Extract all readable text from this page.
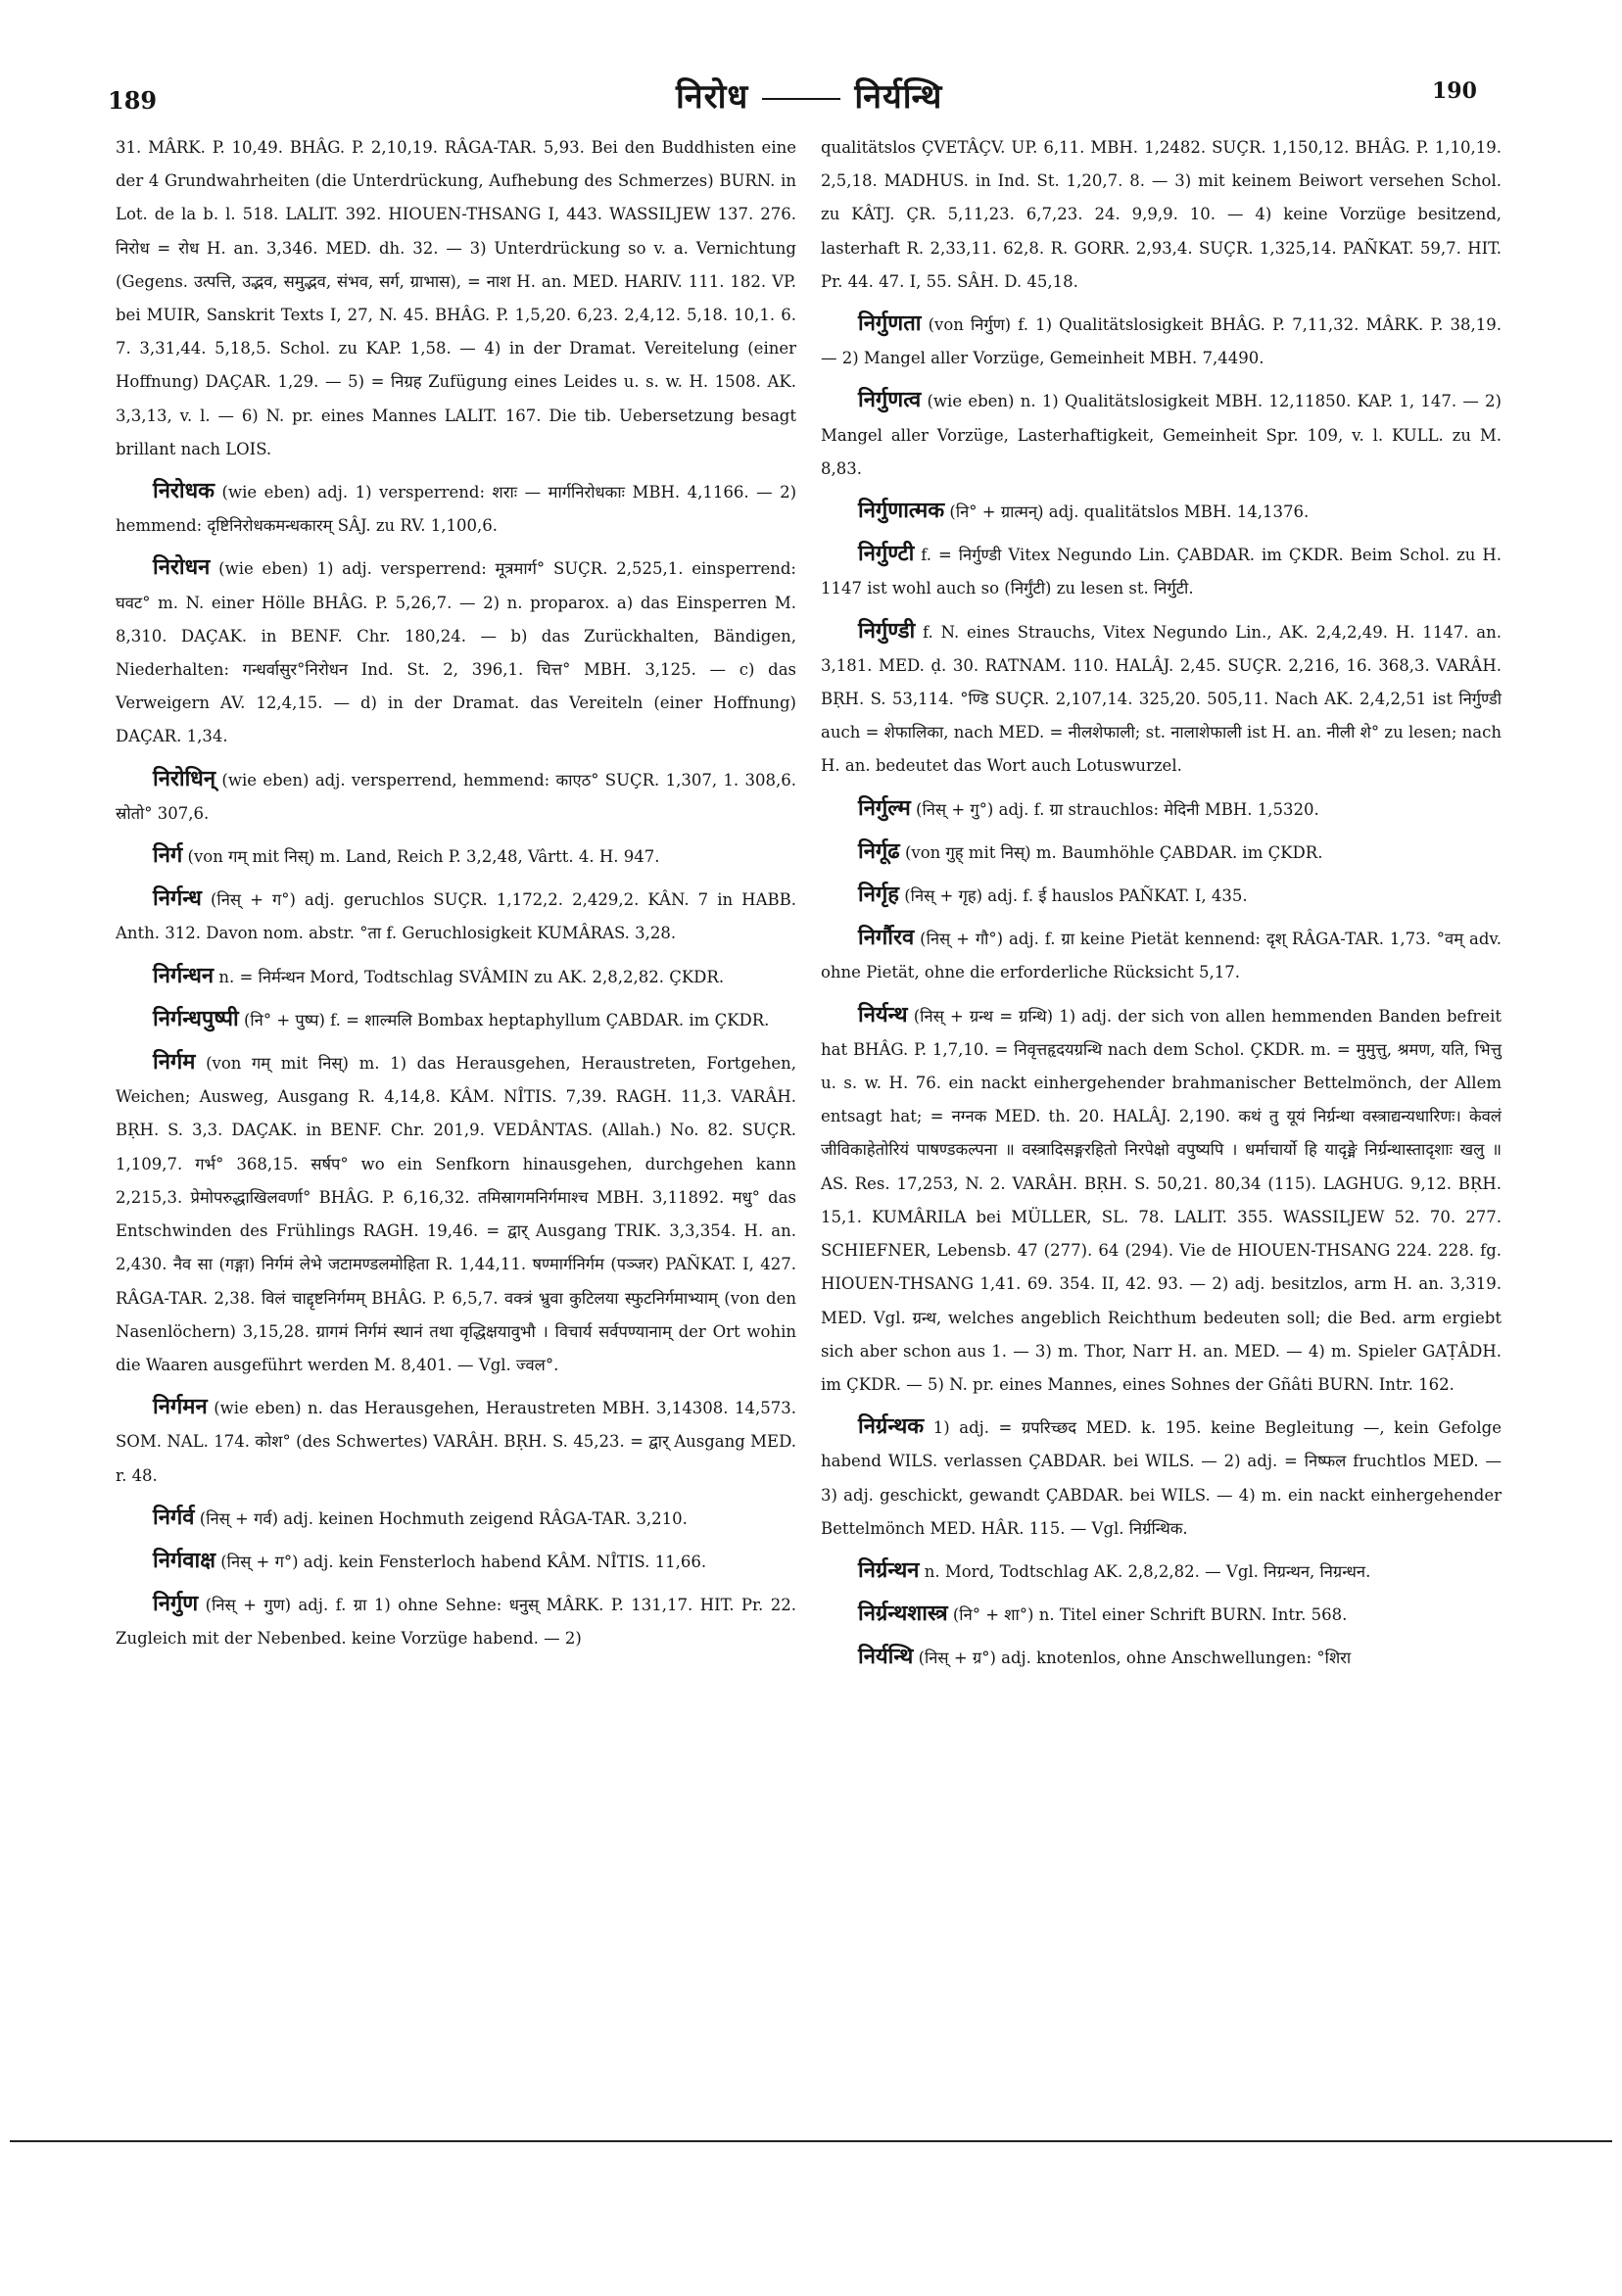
189	निरोध	निर्यन्थि	190

31. MÂRK. P. 10,49. BHÂG. P. 2,10,19. RÂGA-TAR. 5,93. Bei den Buddhisten eine der 4 Grundwahrheiten (die Unterdrückung, Aufhebung des Schmerzes) BURN. in Lot. de la b. l. 518. LALIT. 392. HIOUEN-THSANG I, 443. WASSILJEW 137. 276. निरोध = रोध H. an. 3,346. MED. dh. 32. — 3) Unterdrückung so v. a. Vernichtung (Gegens. उत्पत्ति, उद्भव, समुद्भव, संभव, सर्ग, ग्राभास), = नाश H. an. MED. HARIV. 111. 182. VP. bei MUIR, Sanskrit Texts I, 27, N. 45. BHÂG. P. 1,5,20. 6,23. 2,4,12. 5,18. 10,1. 6. 7. 3,31,44. 5,18,5. Schol. zu KAP. 1,58. — 4) in der Dramat. Vereitelung (einer Hoffnung) DAÇAR. 1,29. — 5) = निग्रह Zufügung eines Leides u. s. w. H. 1508. AK. 3,3,13, v. l. — 6) N. pr. eines Mannes LALIT. 167. Die tib. Uebersetzung besagt brillant nach LOIS.

निरोधक (wie eben) adj. 1) versperrend: शराः — मार्गनिरोधकाः MBH. 4,1166. — 2) hemmend: दृष्टिनिरोधकमन्धकारम् SÂJ. zu RV. 1,100,6.

निरोधन (wie eben) 1) adj. versperrend: मूत्रमार्ग° SUÇR. 2,525,1. einsperrend: घवट° m. N. einer Hölle BHÂG. P. 5,26,7. — 2) n. proparox. a) das Einsperren M. 8,310. DAÇAK. in BENF. Chr. 180,24. — b) das Zurückhalten, Bändigen, Niederhalten: गन्धर्वासुर°निरोधन Ind. St. 2, 396,1. चित्त° MBH. 3,125. — c) das Verweigern AV. 12,4,15. — d) in der Dramat. das Vereiteln (einer Hoffnung) DAÇAR. 1,34.

निरोधिन् (wie eben) adj. versperrend, hemmend: काएठ° SUÇR. 1,307, 1. 308,6. स्रोतो° 307,6.

निर्ग (von गम् mit निस्) m. Land, Reich P. 3,2,48, Vârtt. 4. H. 947.

निर्गन्ध (निस् + ग°) adj. geruchlos SUÇR. 1,172,2. 2,429,2. KÂN. 7 in HABB. Anth. 312. Davon nom. abstr. °ता f. Geruchlosigkeit KUMÂRAS. 3,28.

निर्गन्धन n. = निर्मन्थन Mord, Todtschlag SVÂMIN zu AK. 2,8,2,82. ÇKDR.

निर्गन्धपुष्पी (नि° + पुष्प) f. = शाल्मलि Bombax heptaphyllum ÇABDAR. im ÇKDR.

निर्गम (von गम् mit निस्) m. 1) das Herausgehen, Heraustreten, Fortgehen, Weichen; Ausweg, Ausgang R. 4,14,8. KÂM. NÎTIS. 7,39. RAGH. 11,3. VARÂH. BṚH. S. 3,3. DAÇAK. in BENF. Chr. 201,9. VEDÂNTAS. (Allah.) No. 82. SUÇR. 1,109,7. गर्भ° 368,15. सर्षप° wo ein Senfkorn hinausgehen, durchgehen kann 2,215,3. प्रेमोपरुद्धाखिलवर्णा° BHÂG. P. 6,16,32. तमिस्रागमनिर्गमाश्च MBH. 3,11892. मधु° das Entschwinden des Frühlings RAGH. 19,46. = द्वार् Ausgang TRIK. 3,3,354. H. an. 2,430. नैव सा (गङ्गा) निर्गमं लेभे जटामण्डलमोहिता R. 1,44,11. षण्मार्गनिर्गम (पञ्जर) PAÑKAT. I, 427. RÂGA-TAR. 2,38. विलं चाद्दृष्टनिर्गमम् BHÂG. P. 6,5,7. वक्त्रं भ्रुवा कुटिलया स्फुटनिर्गमाभ्याम् (von den Nasenlöchern) 3,15,28. ग्रागमं निर्गमं स्थानं तथा वृद्धिक्षयावुभौ । विचार्य सर्वपण्यानाम् der Ort wohin die Waaren ausgeführt werden M. 8,401. — Vgl. ज्वल°.

निर्गमन (wie eben) n. das Herausgehen, Heraustreten MBH. 3,14308. 14,573. SOM. NAL. 174. कोश° (des Schwertes) VARÂH. BṚH. S. 45,23. = द्वार् Ausgang MED. r. 48.

निर्गर्व (निस् + गर्व) adj. keinen Hochmuth zeigend RÂGA-TAR. 3,210.

निर्गवाक्ष (निस् + ग°) adj. kein Fensterloch habend KÂM. NÎTIS. 11,66.

निर्गुण (निस् + गुण) adj. f. ग्रा 1) ohne Sehne: धनुस् MÂRK. P. 131,17. HIT. Pr. 22. Zugleich mit der Nebenbed. keine Vorzüge habend. — 2)

qualitätslos ÇVETÂÇV. UP. 6,11. MBH. 1,2482. SUÇR. 1,150,12. BHÂG. P. 1,10,19. 2,5,18. MADHUS. in Ind. St. 1,20,7. 8. — 3) mit keinem Beiwort versehen Schol. zu KÂTJ. ÇR. 5,11,23. 6,7,23. 24. 9,9,9. 10. — 4) keine Vorzüge besitzend, lasterhaft R. 2,33,11. 62,8. R. GORR. 2,93,4. SUÇR. 1,325,14. PAÑKAT. 59,7. HIT. Pr. 44. 47. I, 55. SÂH. D. 45,18.

निर्गुणता (von निर्गुण) f. 1) Qualitätslosigkeit BHÂG. P. 7,11,32. MÂRK. P. 38,19. — 2) Mangel aller Vorzüge, Gemeinheit MBH. 7,4490.

निर्गुणत्व (wie eben) n. 1) Qualitätslosigkeit MBH. 12,11850. KAP. 1, 147. — 2) Mangel aller Vorzüge, Lasterhaftigkeit, Gemeinheit Spr. 109, v. l. KULL. zu M. 8,83.

निर्गुणात्मक (नि° + ग्रात्मन्) adj. qualitätslos MBH. 14,1376.

निर्गुण्टी f. = निर्गुण्डी Vitex Negundo Lin. ÇABDAR. im ÇKDR. Beim Schol. zu H. 1147 ist wohl auch so (निर्गुंटी) zu lesen st. निर्गुटी.

निर्गुण्डी f. N. eines Strauchs, Vitex Negundo Lin., AK. 2,4,2,49. H. 1147. an. 3,181. MED. ḍ. 30. RATNAM. 110. HALÂJ. 2,45. SUÇR. 2,216, 16. 368,3. VARÂH. BṚH. S. 53,114. °ण्डि SUÇR. 2,107,14. 325,20. 505,11. Nach AK. 2,4,2,51 ist निर्गुण्डी auch = शेफालिका, nach MED. = नीलशेफाली; st. नालाशेफाली ist H. an. नीली शे° zu lesen; nach H. an. bedeutet das Wort auch Lotuswurzel.

निर्गुल्म (निस् + गु°) adj. f. ग्रा strauchlos: मेदिनी MBH. 1,5320.

निर्गूढ (von गुह् mit निस्) m. Baumhöhle ÇABDAR. im ÇKDR.

निर्गृह (निस् + गृह) adj. f. ई hauslos PAÑKAT. I, 435.

निर्गौरव (निस् + गौ°) adj. f. ग्रा keine Pietät kennend: दृश् RÂGA-TAR. 1,73. °वम् adv. ohne Pietät, ohne die erforderliche Rücksicht 5,17.

निर्यन्थ (निस् + ग्रन्थ = ग्रन्थि) 1) adj. der sich von allen hemmenden Banden befreit hat BHÂG. P. 1,7,10. = निवृत्तहृदयग्रन्थि nach dem Schol. ÇKDR. m. = मुमुत्तु, श्रमण, यति, भित्तु u. s. w. H. 76. ein nackt einhergehender brahmanischer Bettelmönch, der Allem entsagt hat; = नग्नक MED. th. 20. HALÂJ. 2,190. कथं तु यूयं निर्ग्रन्था वस्त्राद्यन्यधारिणः। केवलं जीविकाहेतोरियं पाषण्डकल्पना ॥ वस्त्रादिसङ्गरहितो निरपेक्षो वपुष्यपि । धर्माचार्यो हि यादृङ्मे निर्ग्रन्थास्तादृशाः खलु ॥ AS. Res. 17,253, N. 2. VARÂH. BṚH. S. 50,21. 80,34 (115). LAGHUG. 9,12. BṚH. 15,1. KUMÂRILA bei MÜLLER, SL. 78. LALIT. 355. WASSILJEW 52. 70. 277. SCHIEFNER, Lebensb. 47 (277). 64 (294). Vie de HIOUEN-THSANG 224. 228. fg. HIOUEN-THSANG 1,41. 69. 354. II, 42. 93. — 2) adj. besitzlos, arm H. an. 3,319. MED. Vgl. ग्रन्थ, welches angeblich Reichthum bedeuten soll; die Bed. arm ergiebt sich aber schon aus 1. — 3) m. Thor, Narr H. an. MED. — 4) m. Spieler GAṬÂDH. im ÇKDR. — 5) N. pr. eines Mannes, eines Sohnes der Gñâti BURN. Intr. 162.

निर्ग्रन्थक 1) adj. = ग्रपरिच्छद MED. k. 195. keine Begleitung —, kein Gefolge habend WILS. verlassen ÇABDAR. bei WILS. — 2) adj. = निष्फल fruchtlos MED. — 3) adj. geschickt, gewandt ÇABDAR. bei WILS. — 4) m. ein nackt einhergehender Bettelmönch MED. HÂR. 115. — Vgl. निर्ग्रन्थिक.

निर्ग्रन्थन n. Mord, Todtschlag AK. 2,8,2,82. — Vgl. निग्रन्थन, निग्रन्धन.

निर्ग्रन्थशास्त्र (नि° + शा°) n. Titel einer Schrift BURN. Intr. 568.

निर्यन्थि (निस् + ग्र°) adj. knotenlos, ohne Anschwellungen: °शिरा
